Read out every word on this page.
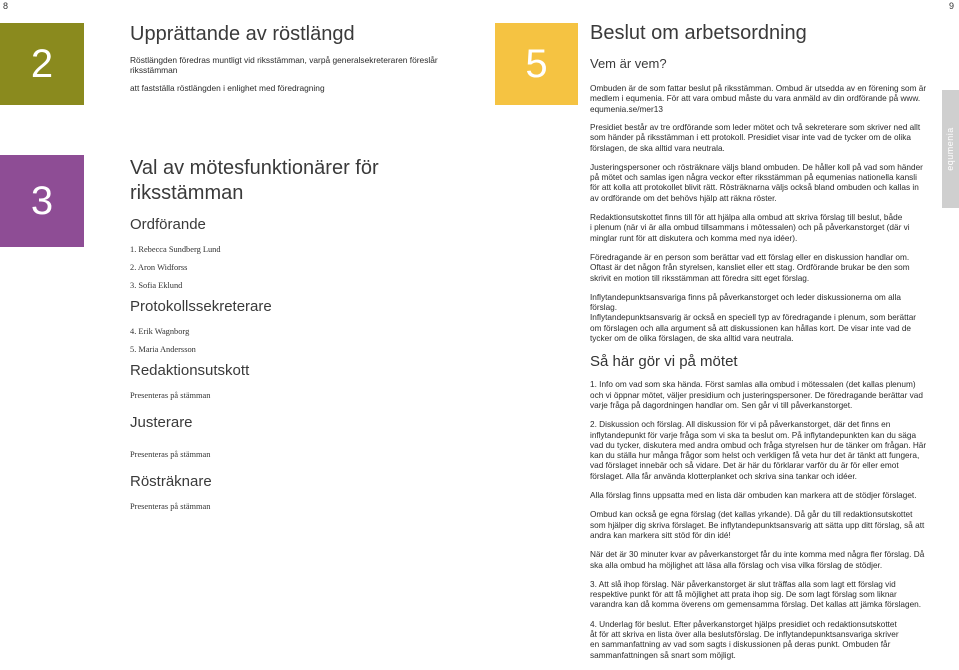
8	9
2
Upprättande av röstlängd
Röstlängden föredras muntligt vid riksstämman, varpå generalsekreteraren föreslår
riksstämman
att fastställa röstlängden i enlighet med föredragning
3
Val av mötesfunktionärer för
riksstämman
Ordförande
1. Rebecca Sundberg Lund
2. Aron Widforss
3. Sofia Eklund
Protokollssekreterare
4. Erik Wagnborg
5. Maria Andersson
Redaktionsutskott
Presenteras på stämman
Justerare
Presenteras på stämman
Rösträknare
Presenteras på stämman
5
Beslut om arbetsordning
Vem är vem?
Ombuden är de som fattar beslut på riksstämman. Ombud är utsedda av en förening som är
medlem i equmenia. För att vara ombud måste du vara anmäld av din ordförande på www.
equmenia.se/mer13
equmenia
Presidiet består av tre ordförande som leder mötet och två sekreterare som skriver ned allt
som händer på riksstämman i ett protokoll. Presidiet visar inte vad de tycker om de olika
förslagen, de ska alltid vara neutrala.
Justeringspersoner och rösträknare väljs bland ombuden. De håller koll på vad som händer
på mötet och samlas igen några veckor efter riksstämman på equmenias nationella kansli
för att kolla att protokollet blivit rätt. Rösträknarna väljs också bland ombuden och kallas in
av ordförande om det behövs hjälp att räkna röster.
Redaktionsutskottet finns till för att hjälpa alla ombud att skriva förslag till beslut, både
i plenum (när vi är alla ombud tillsammans i mötessalen) och på påverkanstorget (där vi
minglar runt för att diskutera och komma med nya idéer).
Föredragande är en person som berättar vad ett förslag eller en diskussion handlar om.
Oftast är det någon från styrelsen, kansliet eller ett stag. Ordförande brukar be den som
skrivit en motion till riksstämman att föredra sitt eget förslag.
Inflytandepunktsansvariga finns på påverkanstorget och leder diskussionerna om alla förslag.
Inflytandepunktsansvarig är också en speciell typ av föredragande i plenum, som berättar
om förslagen och alla argument så att diskussionen kan hållas kort. De visar inte vad de
tycker om de olika förslagen, de ska alltid vara neutrala.
Så här gör vi på mötet
1. Info om vad som ska hända. Först samlas alla ombud i mötessalen (det kallas plenum)
och vi öppnar mötet, väljer presidium och justeringspersoner. De föredragande berättar vad
varje fråga på dagordningen handlar om. Sen går vi till påverkanstorget.
2. Diskussion och förslag. All diskussion för vi på påverkanstorget, där det finns en
inflytandepunkt för varje fråga som vi ska ta beslut om. På inflytandepunkten kan du säga
vad du tycker, diskutera med andra ombud och fråga styrelsen hur de tänker om frågan. Här
kan du ställa hur många frågor som helst och verkligen få veta hur det är tänkt att fungera,
vad förslaget innebär och så vidare. Det är här du förklarar varför du är för eller emot
förslaget. Alla får använda klotterplanket och skriva sina tankar och idéer.
Alla förslag finns uppsatta med en lista där ombuden kan markera att de stödjer förslaget.
Ombud kan också ge egna förslag (det kallas yrkande). Då går du till redaktionsutskottet
som hjälper dig skriva förslaget. Be inflytandepunktsansvarig att sätta upp ditt förslag, så att
andra kan markera sitt stöd för din idé!
När det är 30 minuter kvar av påverkanstorget får du inte komma med några fler förslag. Då
ska alla ombud ha möjlighet att läsa alla förslag och visa vilka förslag de stödjer.
3. Att slå ihop förslag. När påverkanstorget är slut träffas alla som lagt ett förslag vid
respektive punkt för att få möjlighet att prata ihop sig. De som lagt förslag som liknar
varandra kan då komma överens om gemensamma förslag. Det kallas att jämka förslagen.
4. Underlag för beslut. Efter påverkanstorget hjälps presidiet och redaktionsutskottet
åt för att skriva en lista över alla beslutsförslag. De inflytandepunktsansvariga skriver
en sammanfattning av vad som sagts i diskussionen på deras punkt. Ombuden får
sammanfattningen så snart som möjligt.
